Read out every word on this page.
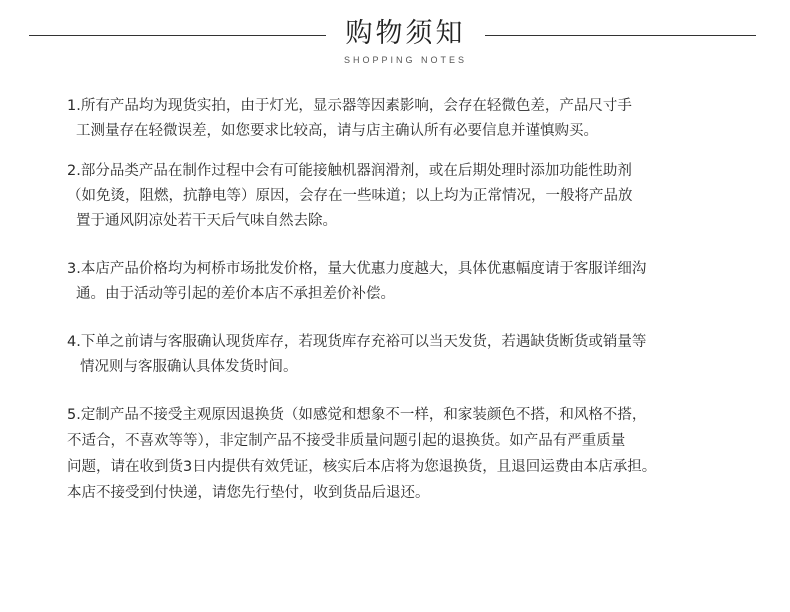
购物须知
SHOPPING NOTES
1.所有产品均为现货实拍，由于灯光，显示器等因素影响，会存在轻微色差，产品尺寸手
工测量存在轻微误差，如您要求比较高，请与店主确认所有必要信息并谨慎购买。
2.部分品类产品在制作过程中会有可能接触机器润滑剂，或在后期处理时添加功能性助剂
（如免烫，阻燃，抗静电等）原因，会存在一些味道；以上均为正常情况，一般将产品放
置于通风阴凉处若干天后气味自然去除。
3.本店产品价格均为柯桥市场批发价格，量大优惠力度越大，具体优惠幅度请于客服详细沟
通。由于活动等引起的差价本店不承担差价补偿。
4.下单之前请与客服确认现货库存，若现货库存充裕可以当天发货，若遇缺货断货或销量等
情况则与客服确认具体发货时间。
5.定制产品不接受主观原因退换货（如感觉和想象不一样，和家装颜色不搭，和风格不搭，
不适合，不喜欢等等），非定制产品不接受非质量问题引起的退换货。如产品有严重质量
问题，请在收到货3日内提供有效凭证，核实后本店将为您退换货，且退回运费由本店承担。
本店不接受到付快递，请您先行垫付，收到货品后退还。
